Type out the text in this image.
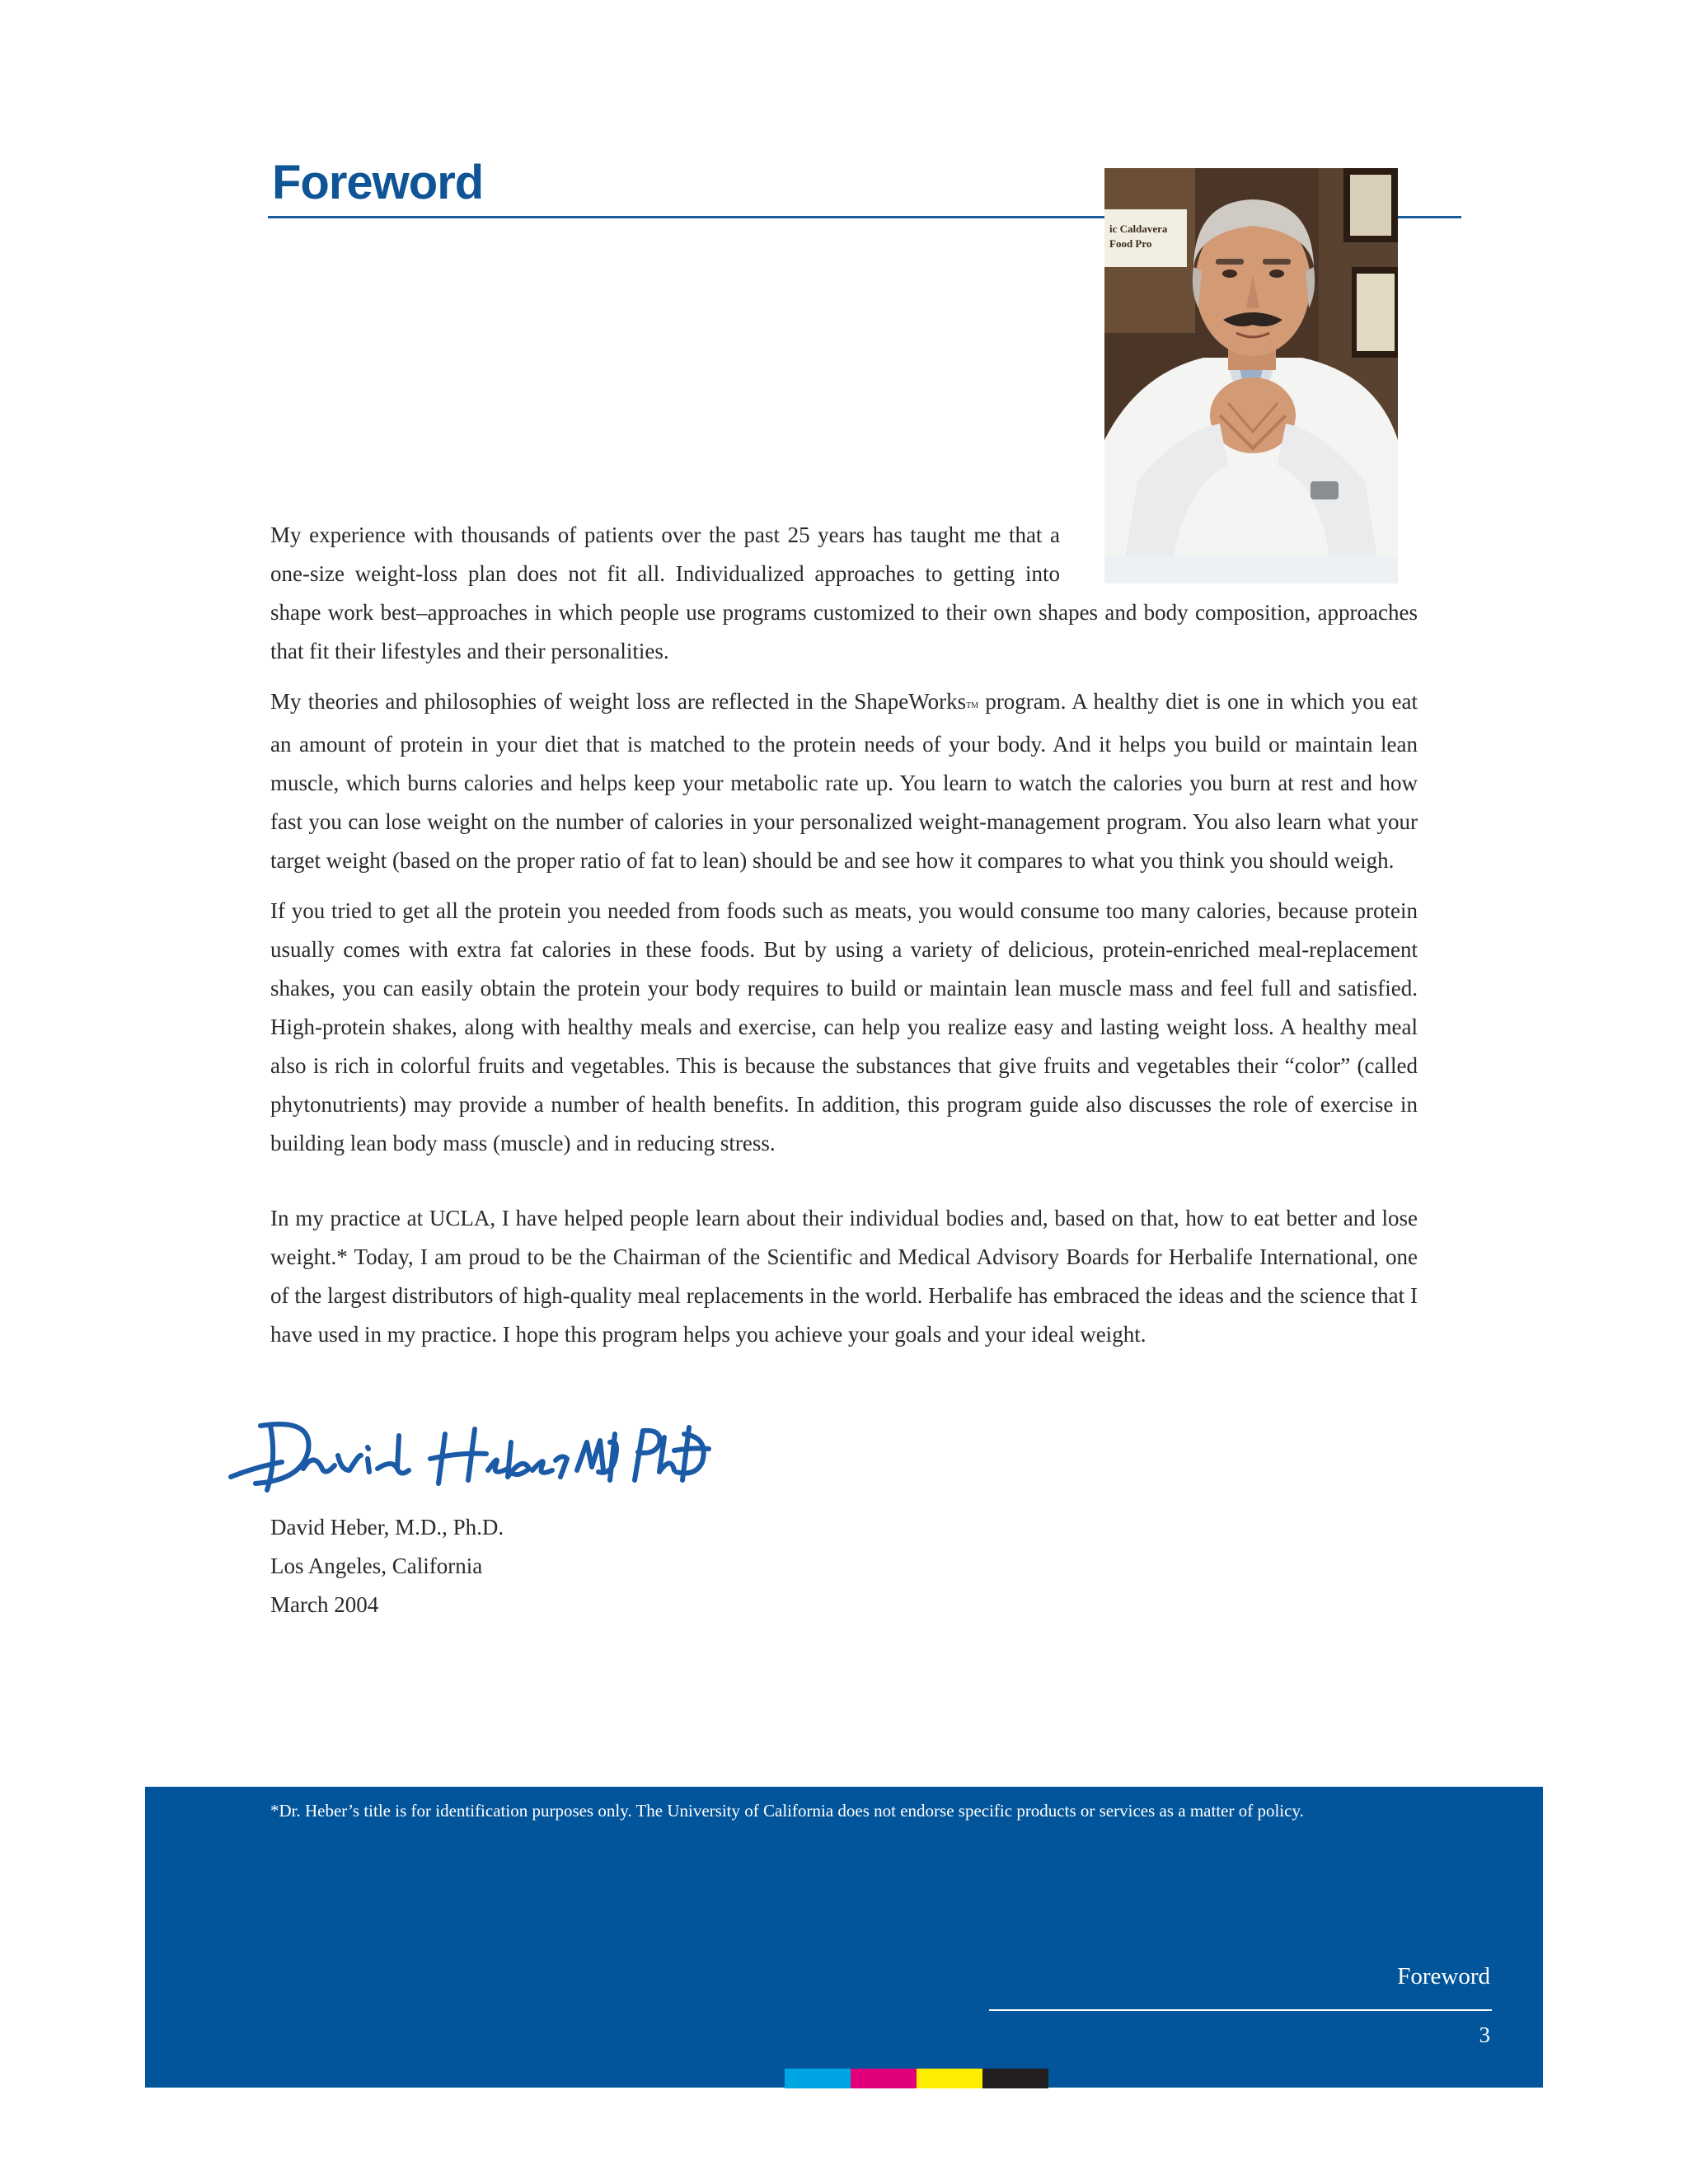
Foreword
ic Caldavera
Food Pro
My experience with thousands of patients over the past 25 years has taught me that a
one-size weight-loss plan does not fit all. Individualized approaches to getting into

shape work best–approaches in which people use programs customized to their own shapes and body composition, approaches that fit their lifestyles and their personalities.

My theories and philosophies of weight loss are reflected in the ShapeWorksTM program. A healthy diet is one in which you eat an amount of protein in your diet that is matched to the protein needs of your body. And it helps you build or maintain lean muscle, which burns calories and helps keep your metabolic rate up. You learn to watch the calories you burn at rest and how fast you can lose weight on the number of calories in your personalized weight-management program. You also learn what your target weight (based on the proper ratio of fat to lean) should be and see how it compares to what you think you should weigh.

If you tried to get all the protein you needed from foods such as meats, you would consume too many calories, because protein usually comes with extra fat calories in these foods. But by using a variety of delicious, protein-enriched meal-replacement shakes, you can easily obtain the protein your body requires to build or maintain lean muscle mass and feel full and satisfied. High-protein shakes, along with healthy meals and exercise, can help you realize easy and lasting weight loss. A healthy meal also is rich in colorful fruits and vegetables. This is because the substances that give fruits and vegetables their “color” (called phytonutrients) may provide a number of health benefits. In addition, this program guide also discusses the role of exercise in building lean body mass (muscle) and in reducing stress.

In my practice at UCLA, I have helped people learn about their individual bodies and, based on that, how to eat better and lose weight.* Today, I am proud to be the Chairman of the Scientific and Medical Advisory Boards for Herbalife International, one of the largest distributors of high-quality meal replacements in the world. Herbalife has embraced the ideas and the science that I have used in my practice. I hope this program helps you achieve your goals and your ideal weight.

David Heber, M.D., Ph.D.
Los Angeles, California
March 2004
*Dr. Heber’s title is for identification purposes only. The University of California does not endorse specific products or services as a matter of policy.
Foreword
3
